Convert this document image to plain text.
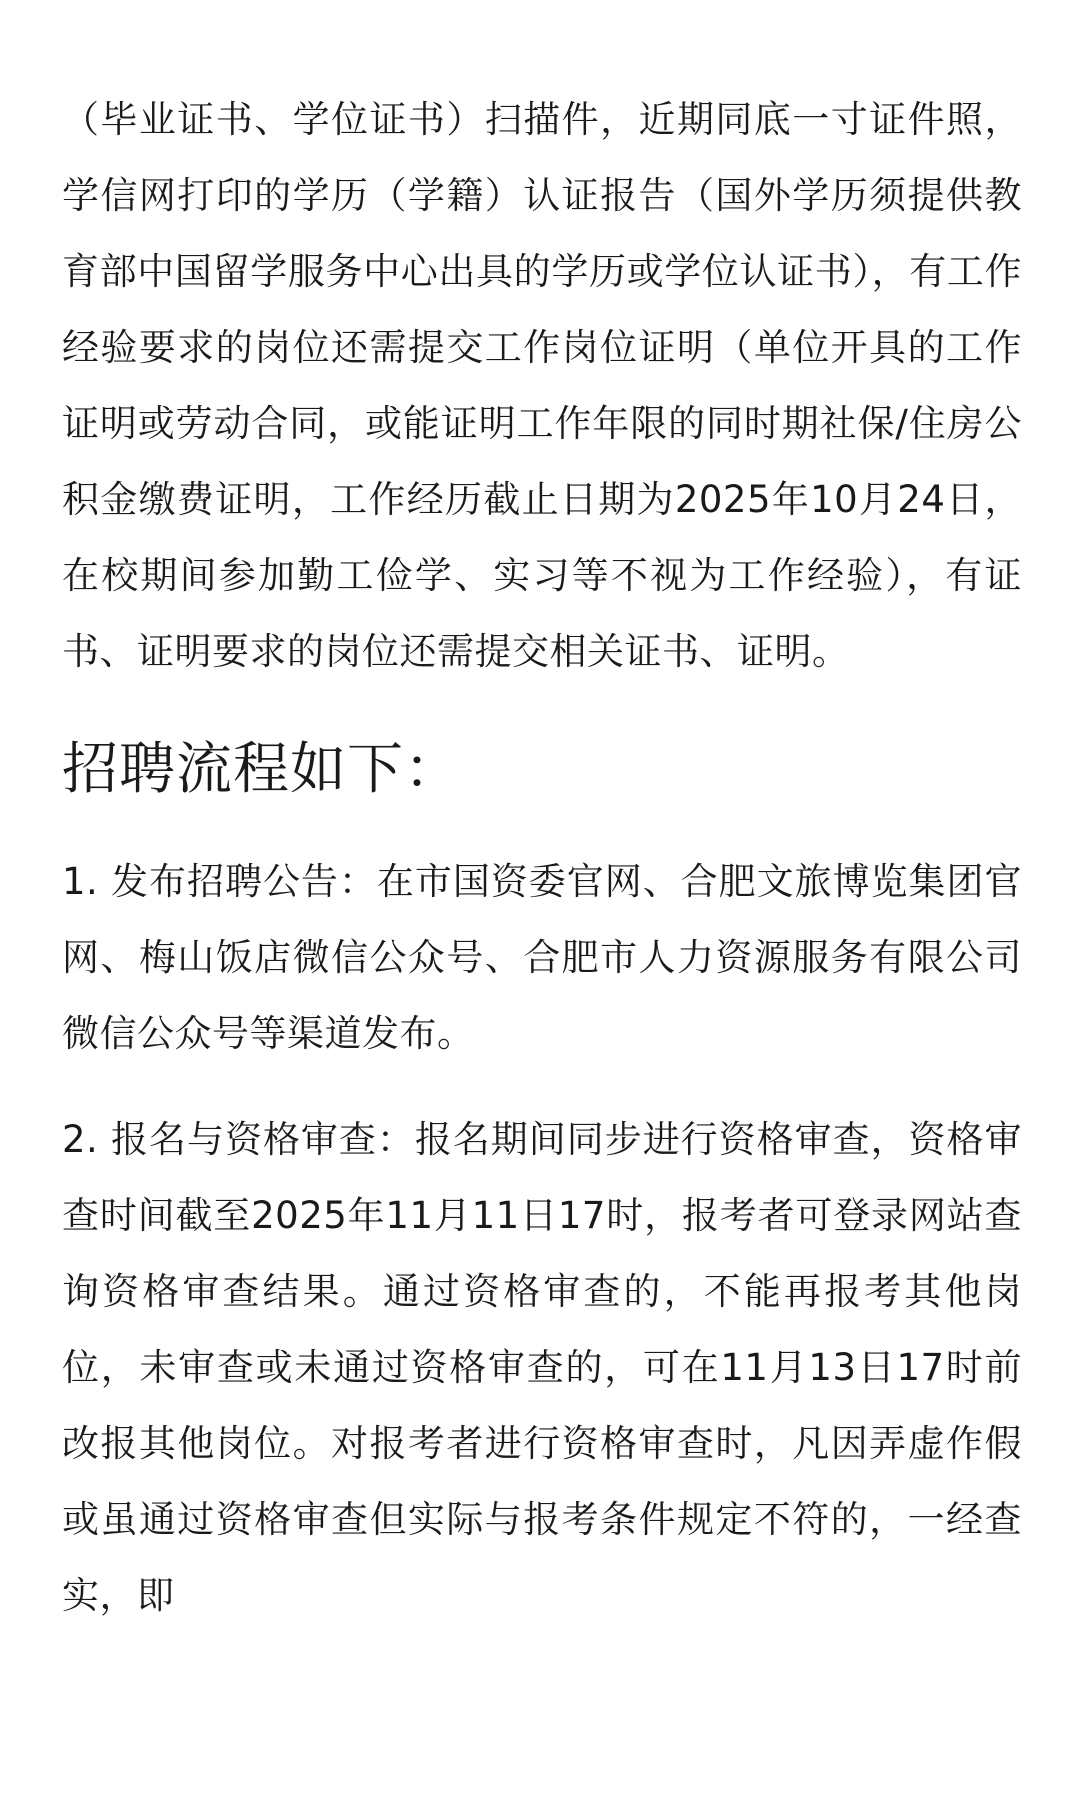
（毕业证书、学位证书）扫描件，近期同底一寸证件照，学信网打印的学历（学籍）认证报告（国外学历须提供教育部中国留学服务中心出具的学历或学位认证书），有工作经验要求的岗位还需提交工作岗位证明（单位开具的工作证明或劳动合同，或能证明工作年限的同时期社保/住房公积金缴费证明，工作经历截止日期为2025年10月24日，在校期间参加勤工俭学、实习等不视为工作经验），有证书、证明要求的岗位还需提交相关证书、证明。

招聘流程如下：

1. 发布招聘公告：在市国资委官网、合肥文旅博览集团官网、梅山饭店微信公众号、合肥市人力资源服务有限公司微信公众号等渠道发布。

2. 报名与资格审查：报名期间同步进行资格审查，资格审查时间截至2025年11月11日17时，报考者可登录网站查询资格审查结果。通过资格审查的，不能再报考其他岗位，未审查或未通过资格审查的，可在11月13日17时前改报其他岗位。对报考者进行资格审查时，凡因弄虚作假或虽通过资格审查但实际与报考条件规定不符的，一经查实，即
